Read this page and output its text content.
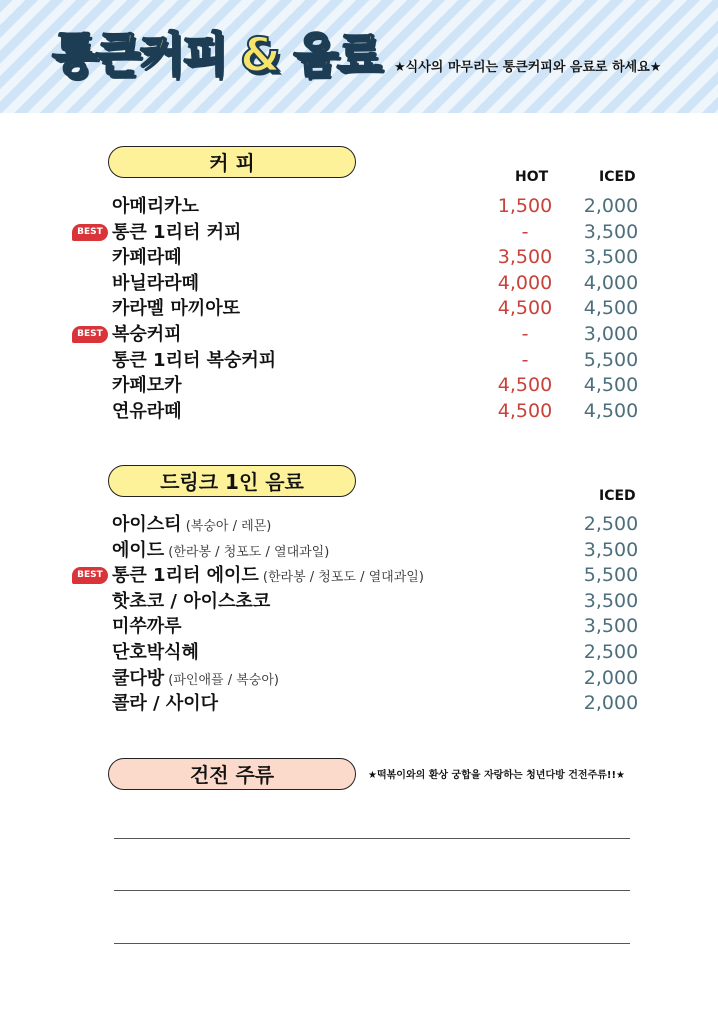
통큰커피 & 음료 ★식사의 마무리는 통큰커피와 음료로 하세요★
커 피
HOT	ICED
아메리카노	1,500	2,000
BEST 통큰 1리터 커피	-	3,500
카페라떼	3,500	3,500
바닐라라떼	4,000	4,000
카라멜 마끼아또	4,500	4,500
BEST 복숭커피	-	3,000
통큰 1리터 복숭커피	-	5,500
카페모카	4,500	4,500
연유라떼	4,500	4,500
드링크 1인 음료
ICED
아이스티 (복숭아 / 레몬)	2,500
에이드 (한라봉 / 청포도 / 열대과일)	3,500
BEST 통큰 1리터 에이드 (한라봉 / 청포도 / 열대과일)	5,500
핫초코 / 아이스초코	3,500
미쑤까루	3,500
단호박식혜	2,500
쿨다방 (파인애플 / 복숭아)	2,000
콜라 / 사이다	2,000
건전 주류	★떡볶이와의 환상 궁합을 자랑하는 청년다방 건전주류!!★
